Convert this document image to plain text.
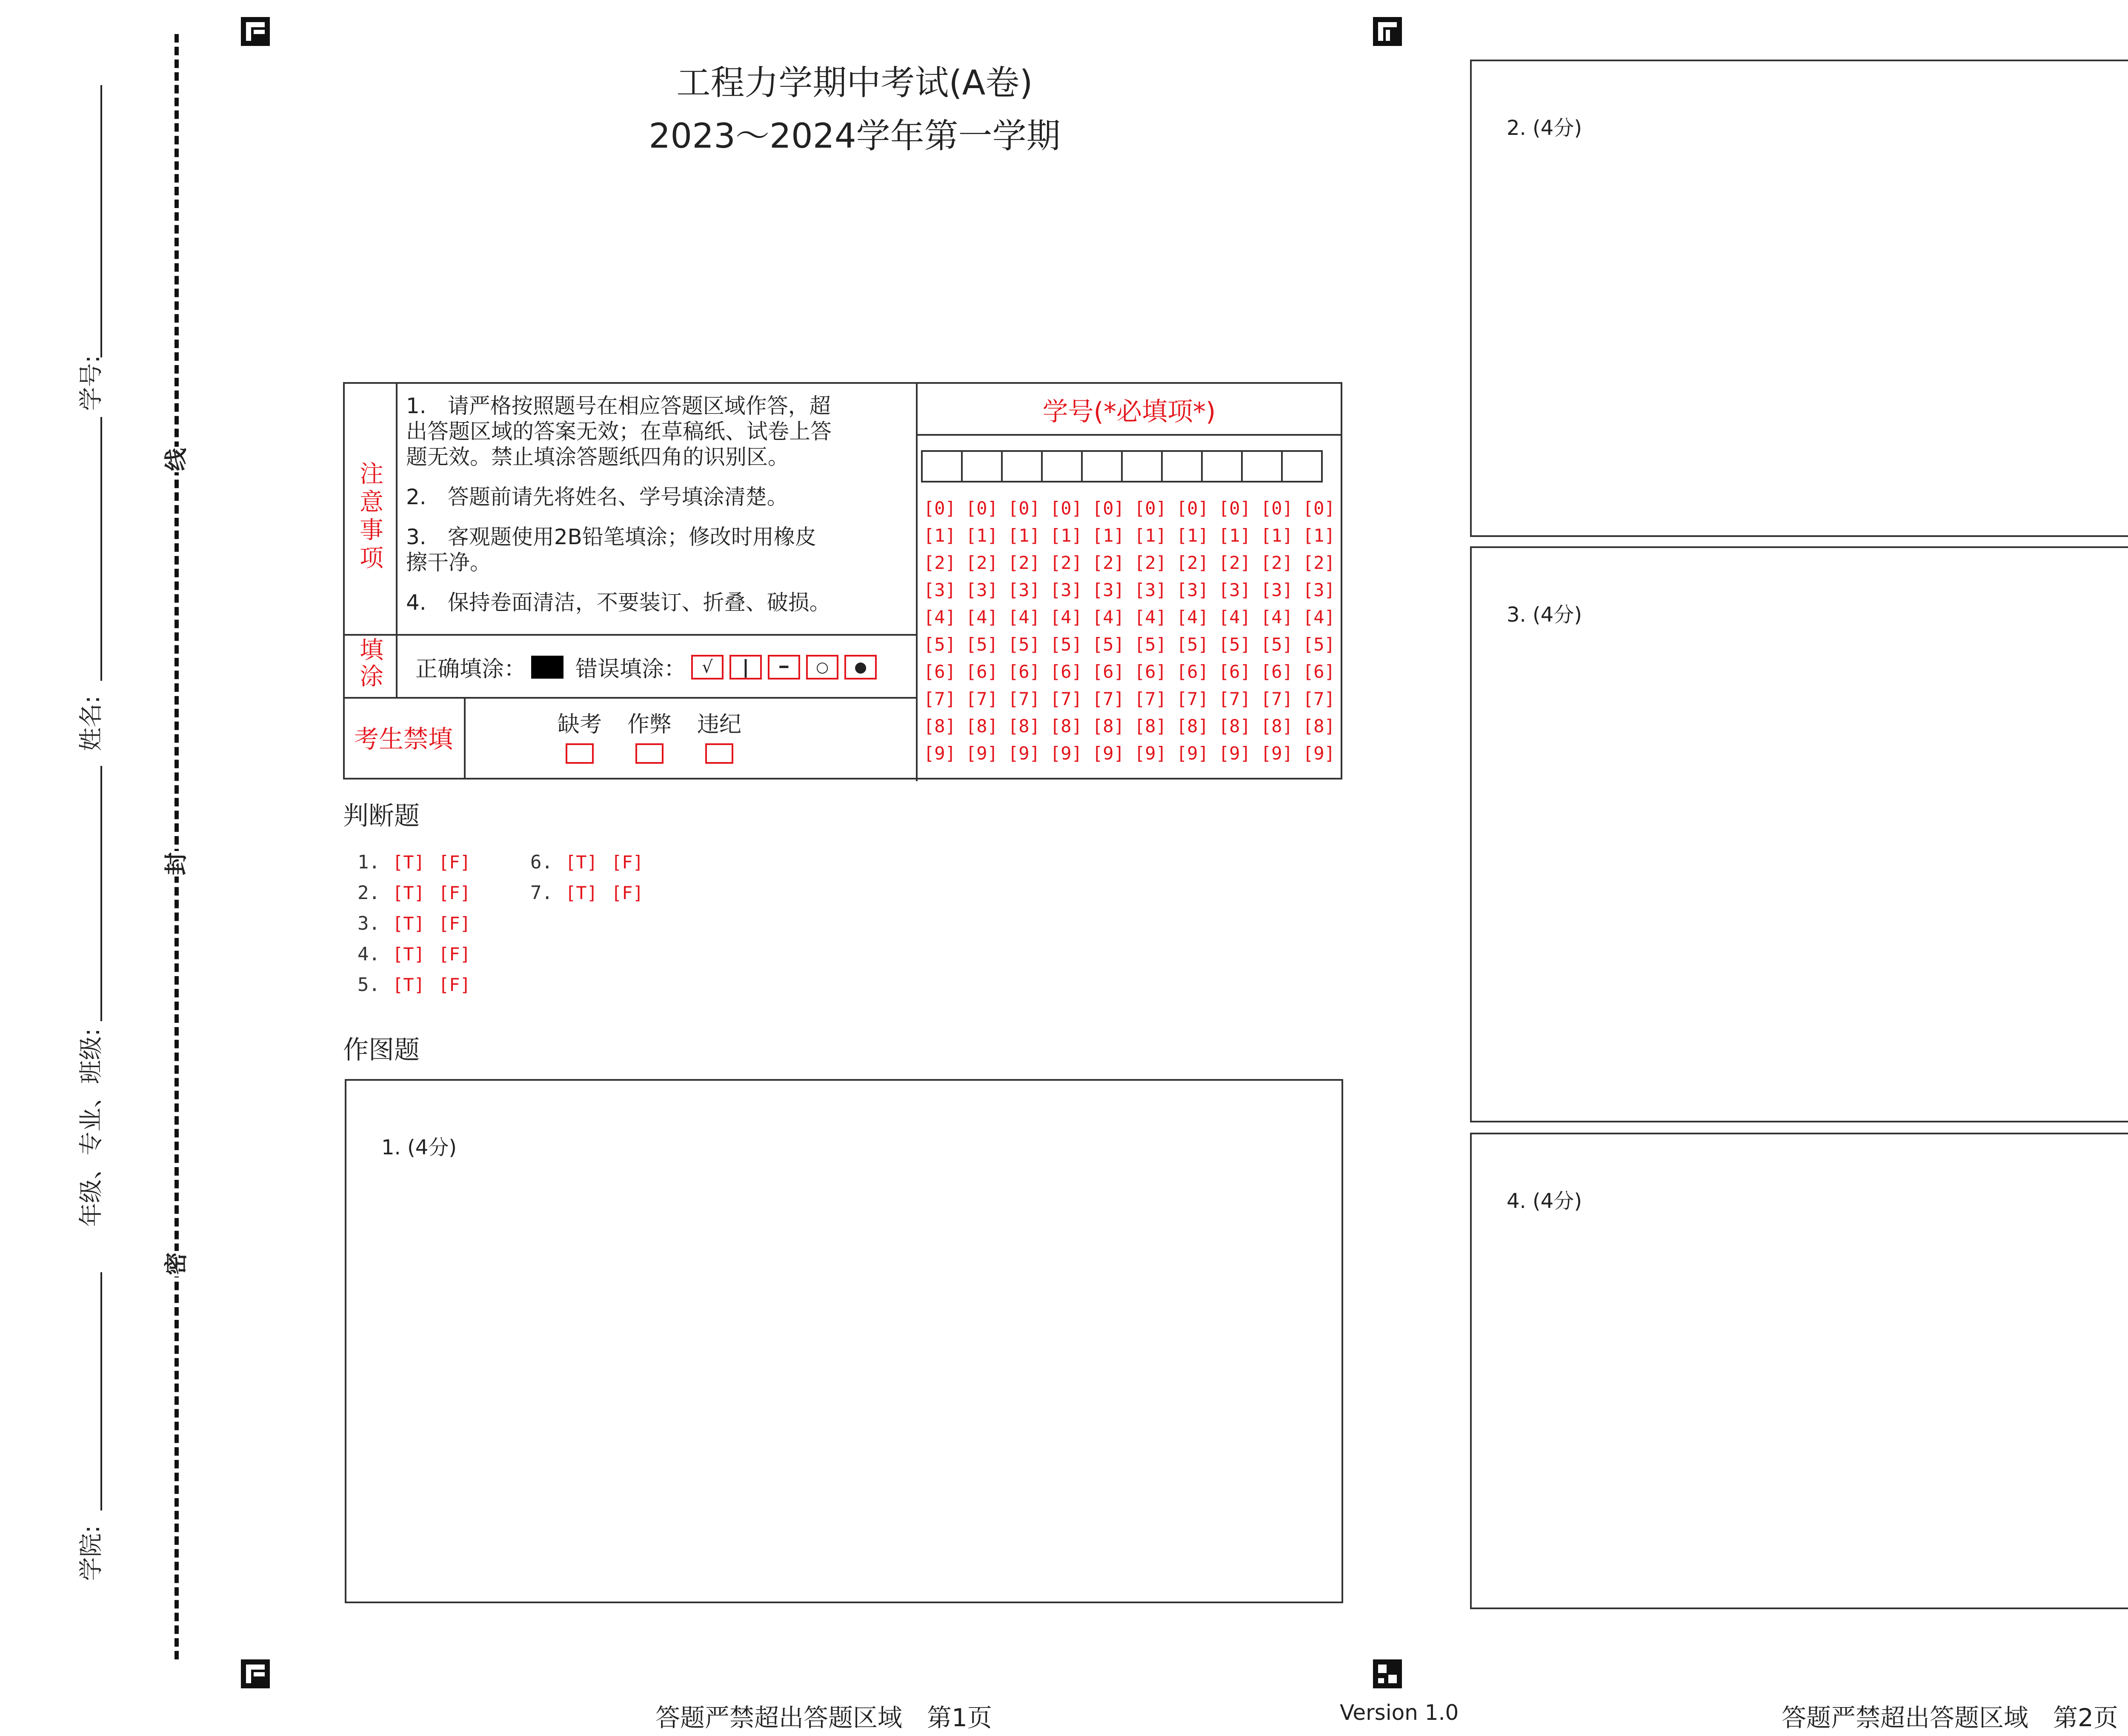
学号:
姓名:
年级、专业、班级:
学院:
线
封
密
工程力学期中考试(A卷)
2023～2024学年第一学期
注
意
事
项
1.　请严格按照题号在相应答题区域作答，超出答题区域的答案无效；在草稿纸、试卷上答题无效。禁止填涂答题纸四角的识别区。
2.　答题前请先将姓名、学号填涂清楚。
3.　客观题使用2B铅笔填涂；修改时用橡皮擦干净。
4.　保持卷面清洁，不要装订、折叠、破损。
填
涂	正确填涂： 错误填涂： √	|	━	○	●
考生禁填	缺考 作弊 违纪
学号(*必填项*)
[0] [0] [0] [0] [0] [0] [0] [0] [0] [0]
[1] [1] [1] [1] [1] [1] [1] [1] [1] [1]
[2] [2] [2] [2] [2] [2] [2] [2] [2] [2]
[3] [3] [3] [3] [3] [3] [3] [3] [3] [3]
[4] [4] [4] [4] [4] [4] [4] [4] [4] [4]
[5] [5] [5] [5] [5] [5] [5] [5] [5] [5]
[6] [6] [6] [6] [6] [6] [6] [6] [6] [6]
[7] [7] [7] [7] [7] [7] [7] [7] [7] [7]
[8] [8] [8] [8] [8] [8] [8] [8] [8] [8]
[9] [9] [9] [9] [9] [9] [9] [9] [9] [9]
判断题
1. [T] [F]
2. [T] [F]
3. [T] [F]
4. [T] [F]
5. [T] [F]
6. [T] [F]
7. [T] [F]
作图题
1. (4分)
2. (4分)
3. (4分)
4. (4分)
答题严禁超出答题区域　第1页	Version 1.0	答题严禁超出答题区域　第2页
